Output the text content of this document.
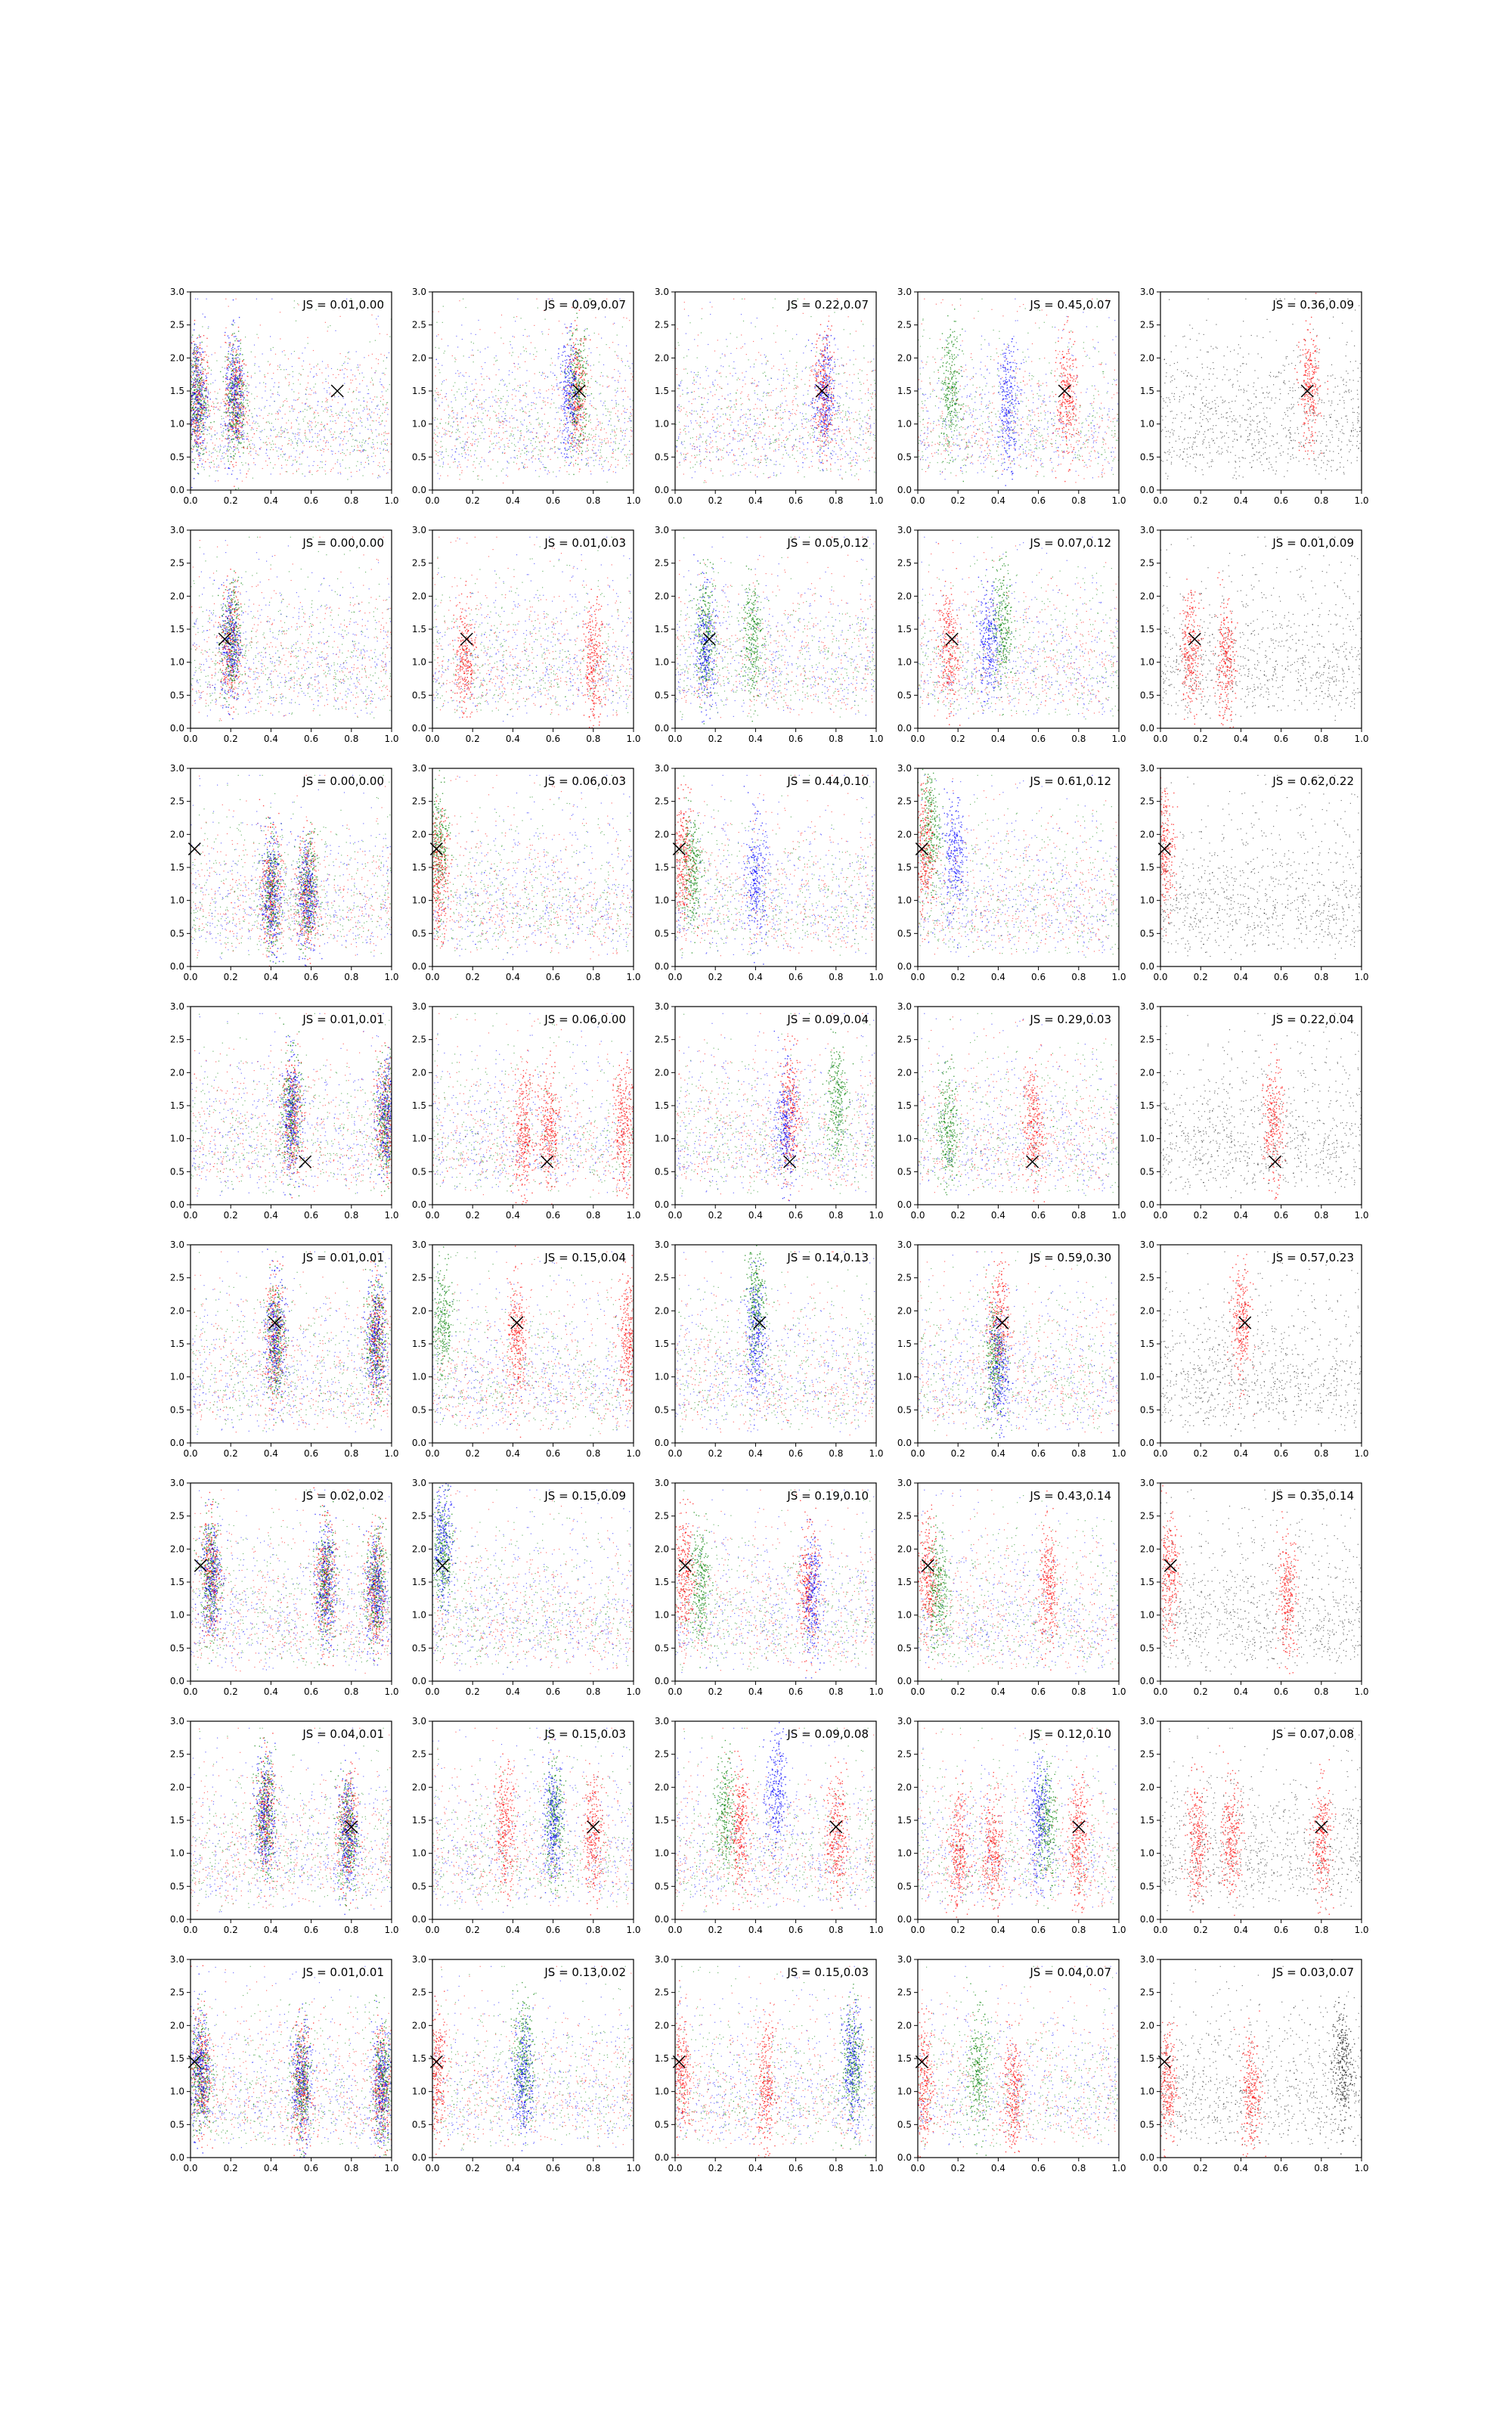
0.0	0.2	0.4	0.6	0.8	1.0
0.0
0.5
1.0
1.5
2.0
2.5
3.0
JS = 0.01,0.00
0.0	0.2	0.4	0.6	0.8	1.0
0.0
0.5
1.0
1.5
2.0
2.5
3.0
JS = 0.09,0.07
0.0	0.2	0.4	0.6	0.8	1.0
0.0
0.5
1.0
1.5
2.0
2.5
3.0
JS = 0.22,0.07
0.0	0.2	0.4	0.6	0.8	1.0
0.0
0.5
1.0
1.5
2.0
2.5
3.0
JS = 0.45,0.07
0.0	0.2	0.4	0.6	0.8	1.0
0.0
0.5
1.0
1.5
2.0
2.5
3.0
JS = 0.36,0.09
0.0	0.2	0.4	0.6	0.8	1.0
0.0
0.5
1.0
1.5
2.0
2.5
3.0
JS = 0.00,0.00
0.0	0.2	0.4	0.6	0.8	1.0
0.0
0.5
1.0
1.5
2.0
2.5
3.0
JS = 0.01,0.03
0.0	0.2	0.4	0.6	0.8	1.0
0.0
0.5
1.0
1.5
2.0
2.5
3.0
JS = 0.05,0.12
0.0	0.2	0.4	0.6	0.8	1.0
0.0
0.5
1.0
1.5
2.0
2.5
3.0
JS = 0.07,0.12
0.0	0.2	0.4	0.6	0.8	1.0
0.0
0.5
1.0
1.5
2.0
2.5
3.0
JS = 0.01,0.09
0.0	0.2	0.4	0.6	0.8	1.0
0.0
0.5
1.0
1.5
2.0
2.5
3.0
JS = 0.00,0.00
0.0	0.2	0.4	0.6	0.8	1.0
0.0
0.5
1.0
1.5
2.0
2.5
3.0
JS = 0.06,0.03
0.0	0.2	0.4	0.6	0.8	1.0
0.0
0.5
1.0
1.5
2.0
2.5
3.0
JS = 0.44,0.10
0.0	0.2	0.4	0.6	0.8	1.0
0.0
0.5
1.0
1.5
2.0
2.5
3.0
JS = 0.61,0.12
0.0	0.2	0.4	0.6	0.8	1.0
0.0
0.5
1.0
1.5
2.0
2.5
3.0
JS = 0.62,0.22
0.0	0.2	0.4	0.6	0.8	1.0
0.0
0.5
1.0
1.5
2.0
2.5
3.0
JS = 0.01,0.01
0.0	0.2	0.4	0.6	0.8	1.0
0.0
0.5
1.0
1.5
2.0
2.5
3.0
JS = 0.06,0.00
0.0	0.2	0.4	0.6	0.8	1.0
0.0
0.5
1.0
1.5
2.0
2.5
3.0
JS = 0.09,0.04
0.0	0.2	0.4	0.6	0.8	1.0
0.0
0.5
1.0
1.5
2.0
2.5
3.0
JS = 0.29,0.03
0.0	0.2	0.4	0.6	0.8	1.0
0.0
0.5
1.0
1.5
2.0
2.5
3.0
JS = 0.22,0.04
0.0	0.2	0.4	0.6	0.8	1.0
0.0
0.5
1.0
1.5
2.0
2.5
3.0
JS = 0.01,0.01
0.0	0.2	0.4	0.6	0.8	1.0
0.0
0.5
1.0
1.5
2.0
2.5
3.0
JS = 0.15,0.04
0.0	0.2	0.4	0.6	0.8	1.0
0.0
0.5
1.0
1.5
2.0
2.5
3.0
JS = 0.14,0.13
0.0	0.2	0.4	0.6	0.8	1.0
0.0
0.5
1.0
1.5
2.0
2.5
3.0
JS = 0.59,0.30
0.0	0.2	0.4	0.6	0.8	1.0
0.0
0.5
1.0
1.5
2.0
2.5
3.0
JS = 0.57,0.23
0.0	0.2	0.4	0.6	0.8	1.0
0.0
0.5
1.0
1.5
2.0
2.5
3.0
JS = 0.02,0.02
0.0	0.2	0.4	0.6	0.8	1.0
0.0
0.5
1.0
1.5
2.0
2.5
3.0
JS = 0.15,0.09
0.0	0.2	0.4	0.6	0.8	1.0
0.0
0.5
1.0
1.5
2.0
2.5
3.0
JS = 0.19,0.10
0.0	0.2	0.4	0.6	0.8	1.0
0.0
0.5
1.0
1.5
2.0
2.5
3.0
JS = 0.43,0.14
0.0	0.2	0.4	0.6	0.8	1.0
0.0
0.5
1.0
1.5
2.0
2.5
3.0
JS = 0.35,0.14
0.0	0.2	0.4	0.6	0.8	1.0
0.0
0.5
1.0
1.5
2.0
2.5
3.0
JS = 0.04,0.01
0.0	0.2	0.4	0.6	0.8	1.0
0.0
0.5
1.0
1.5
2.0
2.5
3.0
JS = 0.15,0.03
0.0	0.2	0.4	0.6	0.8	1.0
0.0
0.5
1.0
1.5
2.0
2.5
3.0
JS = 0.09,0.08
0.0	0.2	0.4	0.6	0.8	1.0
0.0
0.5
1.0
1.5
2.0
2.5
3.0
JS = 0.12,0.10
0.0	0.2	0.4	0.6	0.8	1.0
0.0
0.5
1.0
1.5
2.0
2.5
3.0
JS = 0.07,0.08
0.0	0.2	0.4	0.6	0.8	1.0
0.0
0.5
1.0
1.5
2.0
2.5
3.0
JS = 0.01,0.01
0.0	0.2	0.4	0.6	0.8	1.0
0.0
0.5
1.0
1.5
2.0
2.5
3.0
JS = 0.13,0.02
0.0	0.2	0.4	0.6	0.8	1.0
0.0
0.5
1.0
1.5
2.0
2.5
3.0
JS = 0.15,0.03
0.0	0.2	0.4	0.6	0.8	1.0
0.0
0.5
1.0
1.5
2.0
2.5
3.0
JS = 0.04,0.07
0.0	0.2	0.4	0.6	0.8	1.0
0.0
0.5
1.0
1.5
2.0
2.5
3.0
JS = 0.03,0.07
